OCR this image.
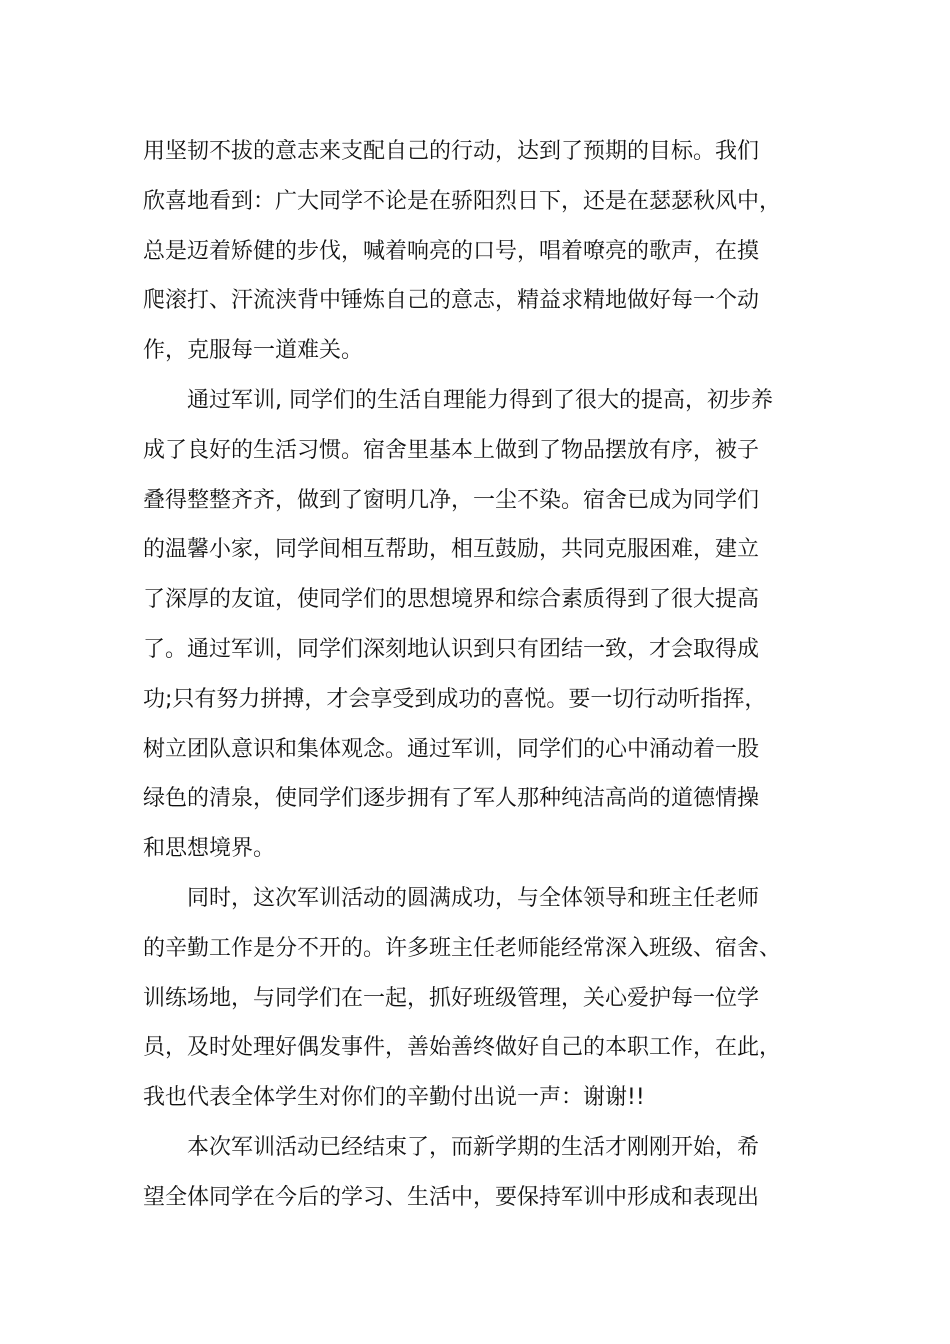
用坚韧不拔的意志来支配自己的行动，达到了预期的目标。我们
欣喜地看到：广大同学不论是在骄阳烈日下，还是在瑟瑟秋风中，
总是迈着矫健的步伐，喊着响亮的口号，唱着嘹亮的歌声，在摸
爬滚打、汗流浃背中锤炼自己的意志，精益求精地做好每一个动
作，克服每一道难关。
通过军训, 同学们的生活自理能力得到了很大的提高，初步养
成了良好的生活习惯。宿舍里基本上做到了物品摆放有序，被子
叠得整整齐齐，做到了窗明几净，一尘不染。宿舍已成为同学们
的温馨小家，同学间相互帮助，相互鼓励，共同克服困难，建立
了深厚的友谊，使同学们的思想境界和综合素质得到了很大提高
了。通过军训，同学们深刻地认识到只有团结一致，才会取得成
功;只有努力拼搏，才会享受到成功的喜悦。要一切行动听指挥，
树立团队意识和集体观念。通过军训，同学们的心中涌动着一股
绿色的清泉，使同学们逐步拥有了军人那种纯洁高尚的道德情操
和思想境界。
同时，这次军训活动的圆满成功，与全体领导和班主任老师
的辛勤工作是分不开的。许多班主任老师能经常深入班级、宿舍、
训练场地，与同学们在一起，抓好班级管理，关心爱护每一位学
员，及时处理好偶发事件，善始善终做好自己的本职工作，在此，
我也代表全体学生对你们的辛勤付出说一声：谢谢!!
本次军训活动已经结束了，而新学期的生活才刚刚开始，希
望全体同学在今后的学习、生活中，要保持军训中形成和表现出
